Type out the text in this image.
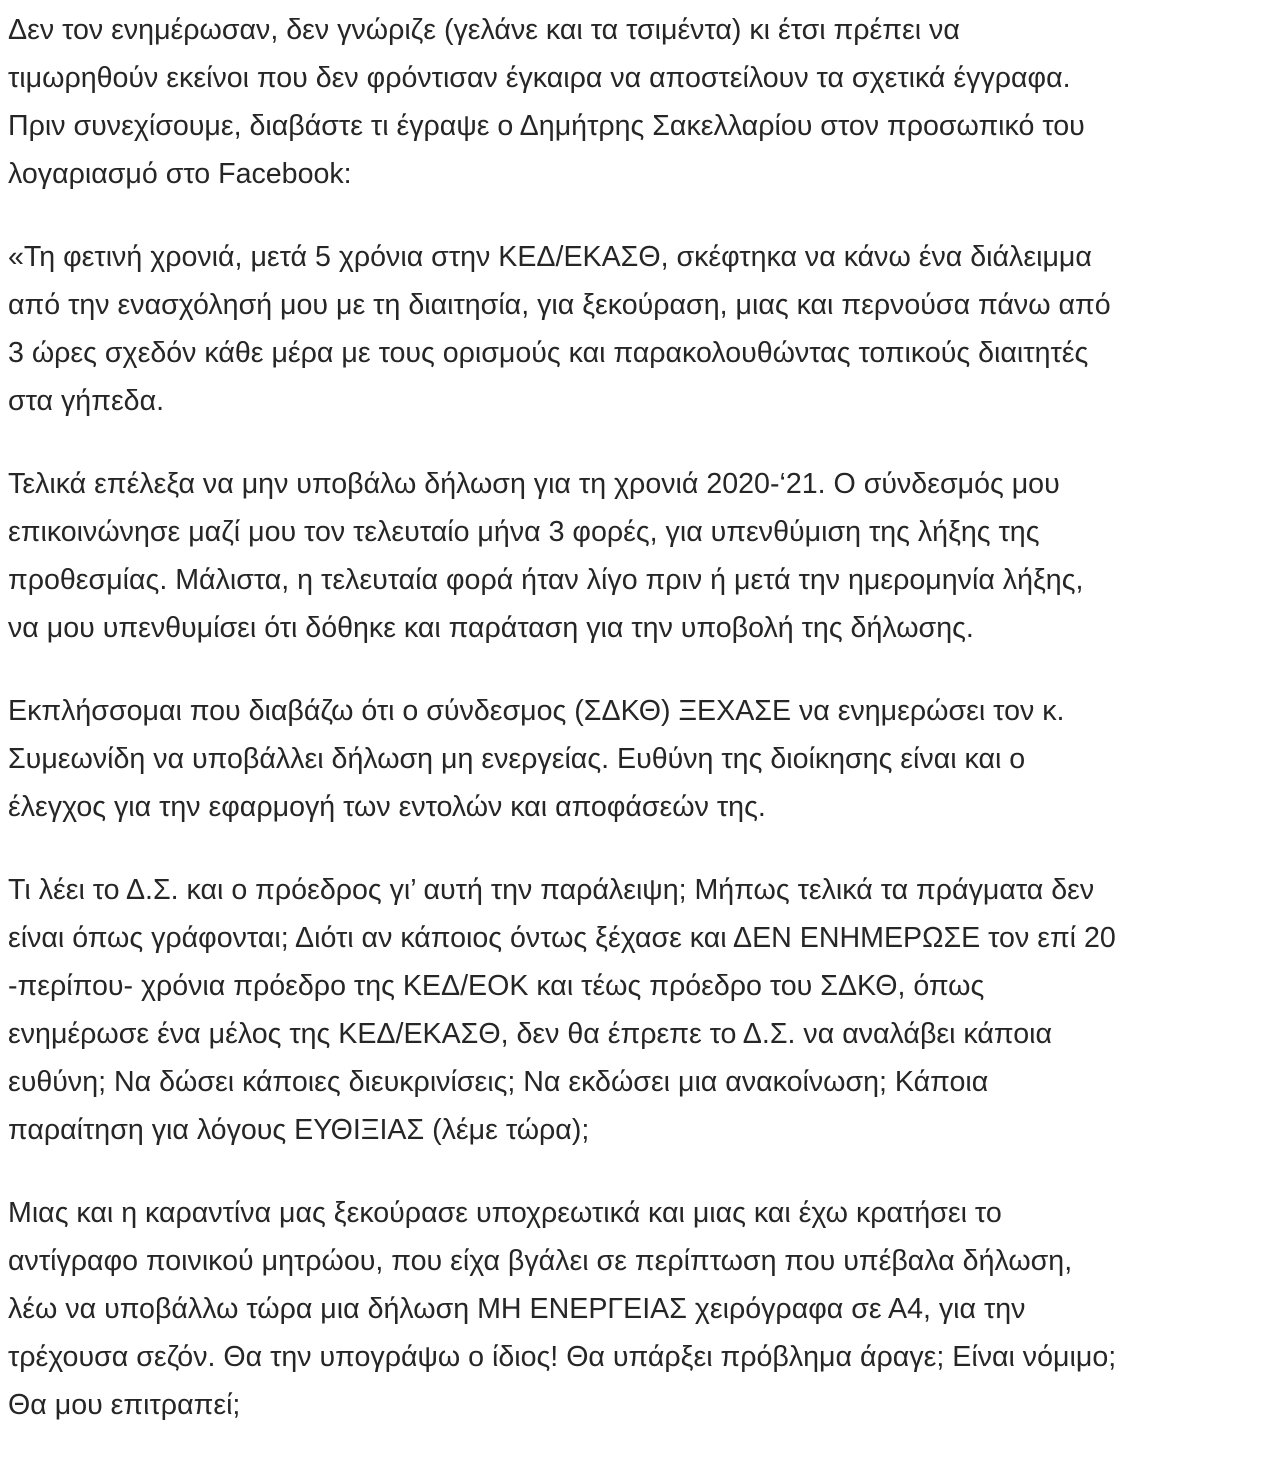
Δεν τον ενημέρωσαν, δεν γνώριζε (γελάνε και τα τσιμέντα) κι έτσι πρέπει να
τιμωρηθούν εκείνοι που δεν φρόντισαν έγκαιρα να αποστείλουν τα σχετικά έγγραφα.
Πριν συνεχίσουμε, διαβάστε τι έγραψε ο Δημήτρης Σακελλαρίου στον προσωπικό του
λογαριασμό στο Facebook:

«Τη φετινή χρονιά, μετά 5 χρόνια στην ΚΕΔ/ΕΚΑΣΘ, σκέφτηκα να κάνω ένα διάλειμμα
από την ενασχόλησή μου με τη διαιτησία, για ξεκούραση, μιας και περνούσα πάνω από
3 ώρες σχεδόν κάθε μέρα με τους ορισμούς και παρακολουθώντας τοπικούς διαιτητές
στα γήπεδα.

Τελικά επέλεξα να μην υποβάλω δήλωση για τη χρονιά 2020-‘21. Ο σύνδεσμός μου
επικοινώνησε μαζί μου τον τελευταίο μήνα 3 φορές, για υπενθύμιση της λήξης της
προθεσμίας. Μάλιστα, η τελευταία φορά ήταν λίγο πριν ή μετά την ημερομηνία λήξης,
να μου υπενθυμίσει ότι δόθηκε και παράταση για την υποβολή της δήλωσης.

Εκπλήσσομαι που διαβάζω ότι ο σύνδεσμος (ΣΔΚΘ) ΞΕΧΑΣΕ να ενημερώσει τον κ.
Συμεωνίδη να υποβάλλει δήλωση μη ενεργείας. Ευθύνη της διοίκησης είναι και ο
έλεγχος για την εφαρμογή των εντολών και αποφάσεών της.

Τι λέει το Δ.Σ. και ο πρόεδρος γι’ αυτή την παράλειψη; Μήπως τελικά τα πράγματα δεν
είναι όπως γράφονται; Διότι αν κάποιος όντως ξέχασε και ΔΕΝ ΕΝΗΜΕΡΩΣΕ τον επί 20
-περίπου- χρόνια πρόεδρο της ΚΕΔ/ΕΟΚ και τέως πρόεδρο του ΣΔΚΘ, όπως
ενημέρωσε ένα μέλος της ΚΕΔ/ΕΚΑΣΘ, δεν θα έπρεπε το Δ.Σ. να αναλάβει κάποια
ευθύνη; Να δώσει κάποιες διευκρινίσεις; Να εκδώσει μια ανακοίνωση; Κάποια
παραίτηση για λόγους ΕΥΘΙΞΙΑΣ (λέμε τώρα);

Μιας και η καραντίνα μας ξεκούρασε υποχρεωτικά και μιας και έχω κρατήσει το
αντίγραφο ποινικού μητρώου, που είχα βγάλει σε περίπτωση που υπέβαλα δήλωση,
λέω να υποβάλλω τώρα μια δήλωση ΜΗ ΕΝΕΡΓΕΙΑΣ χειρόγραφα σε Α4, για την
τρέχουσα σεζόν. Θα την υπογράψω ο ίδιος! Θα υπάρξει πρόβλημα άραγε; Είναι νόμιμο;
Θα μου επιτραπεί;
